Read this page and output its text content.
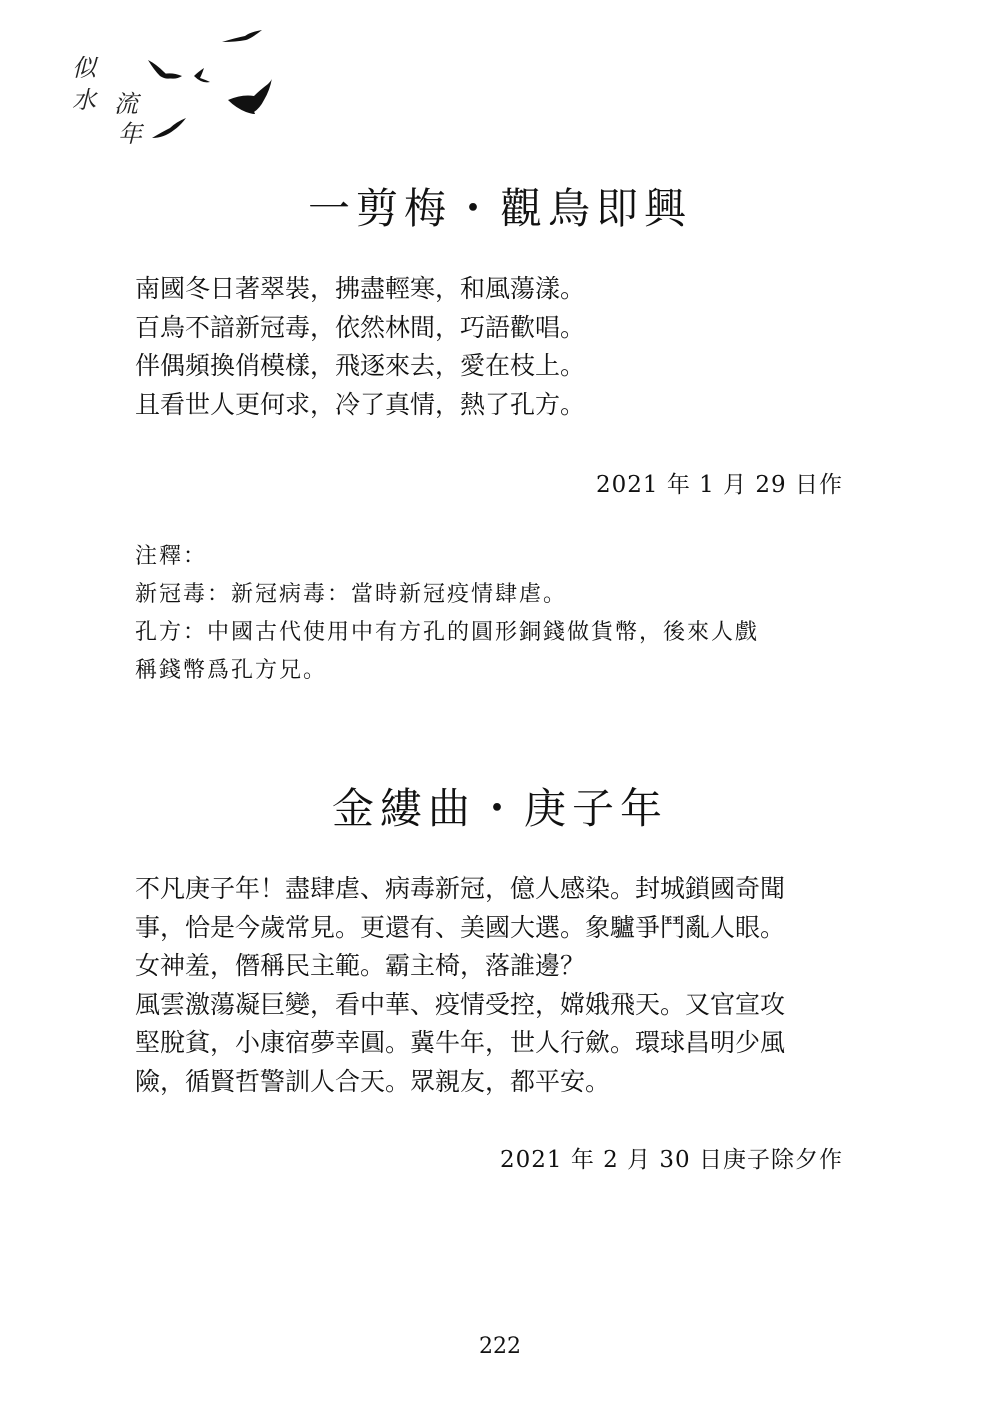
似
水 流
年
一剪梅・觀鳥即興
南國冬日著翠裝，拂盡輕寒，和風蕩漾。
百鳥不諳新冠毒，依然林間，巧語歡唱。
伴偶頻換俏模樣，飛逐來去，愛在枝上。
且看世人更何求，冷了真情，熱了孔方。
2021 年 1 月 29 日作
注釋：
新冠毒：新冠病毒：當時新冠疫情肆虐。
孔方：中國古代使用中有方孔的圓形銅錢做貨幣，後來人戲
稱錢幣爲孔方兄。
金縷曲・庚子年
不凡庚子年！盡肆虐、病毒新冠，億人感染。封城鎖國奇聞
事，恰是今歲常見。更還有、美國大選。象驢爭鬥亂人眼。
女神羞，僭稱民主範。霸主椅，落誰邊？
風雲激蕩凝巨變，看中華、疫情受控，嫦娥飛天。又官宣攻
堅脫貧，小康宿夢幸圓。冀牛年，世人行歛。環球昌明少風
險，循賢哲警訓人合天。眾親友，都平安。
2021 年 2 月 30 日庚子除夕作
222
